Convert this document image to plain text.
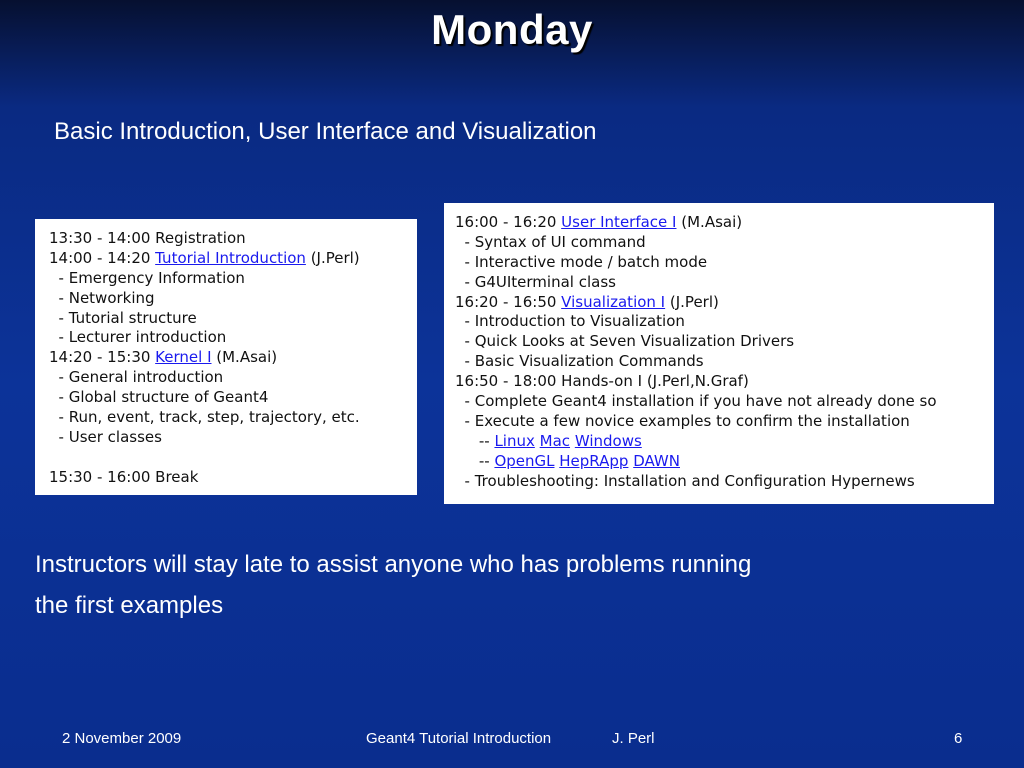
Monday
Basic Introduction, User Interface and Visualization
13:30 - 14:00 Registration
14:00 - 14:20 Tutorial Introduction (J.Perl)
- Emergency Information
- Networking
- Tutorial structure
- Lecturer introduction
14:20 - 15:30 Kernel I (M.Asai)
- General introduction
- Global structure of Geant4
- Run, event, track, step, trajectory, etc.
- User classes
15:30 - 16:00 Break
16:00 - 16:20 User Interface I (M.Asai)
- Syntax of UI command
- Interactive mode / batch mode
- G4UIterminal class
16:20 - 16:50 Visualization I (J.Perl)
- Introduction to Visualization
- Quick Looks at Seven Visualization Drivers
- Basic Visualization Commands
16:50 - 18:00 Hands-on I (J.Perl,N.Graf)
- Complete Geant4 installation if you have not already done so
- Execute a few novice examples to confirm the installation
-- Linux Mac Windows
-- OpenGL HepRApp DAWN
- Troubleshooting: Installation and Configuration Hypernews
Instructors will stay late to assist anyone who has problems running
the first examples
2 November 2009	Geant4 Tutorial Introduction	J. Perl	6
